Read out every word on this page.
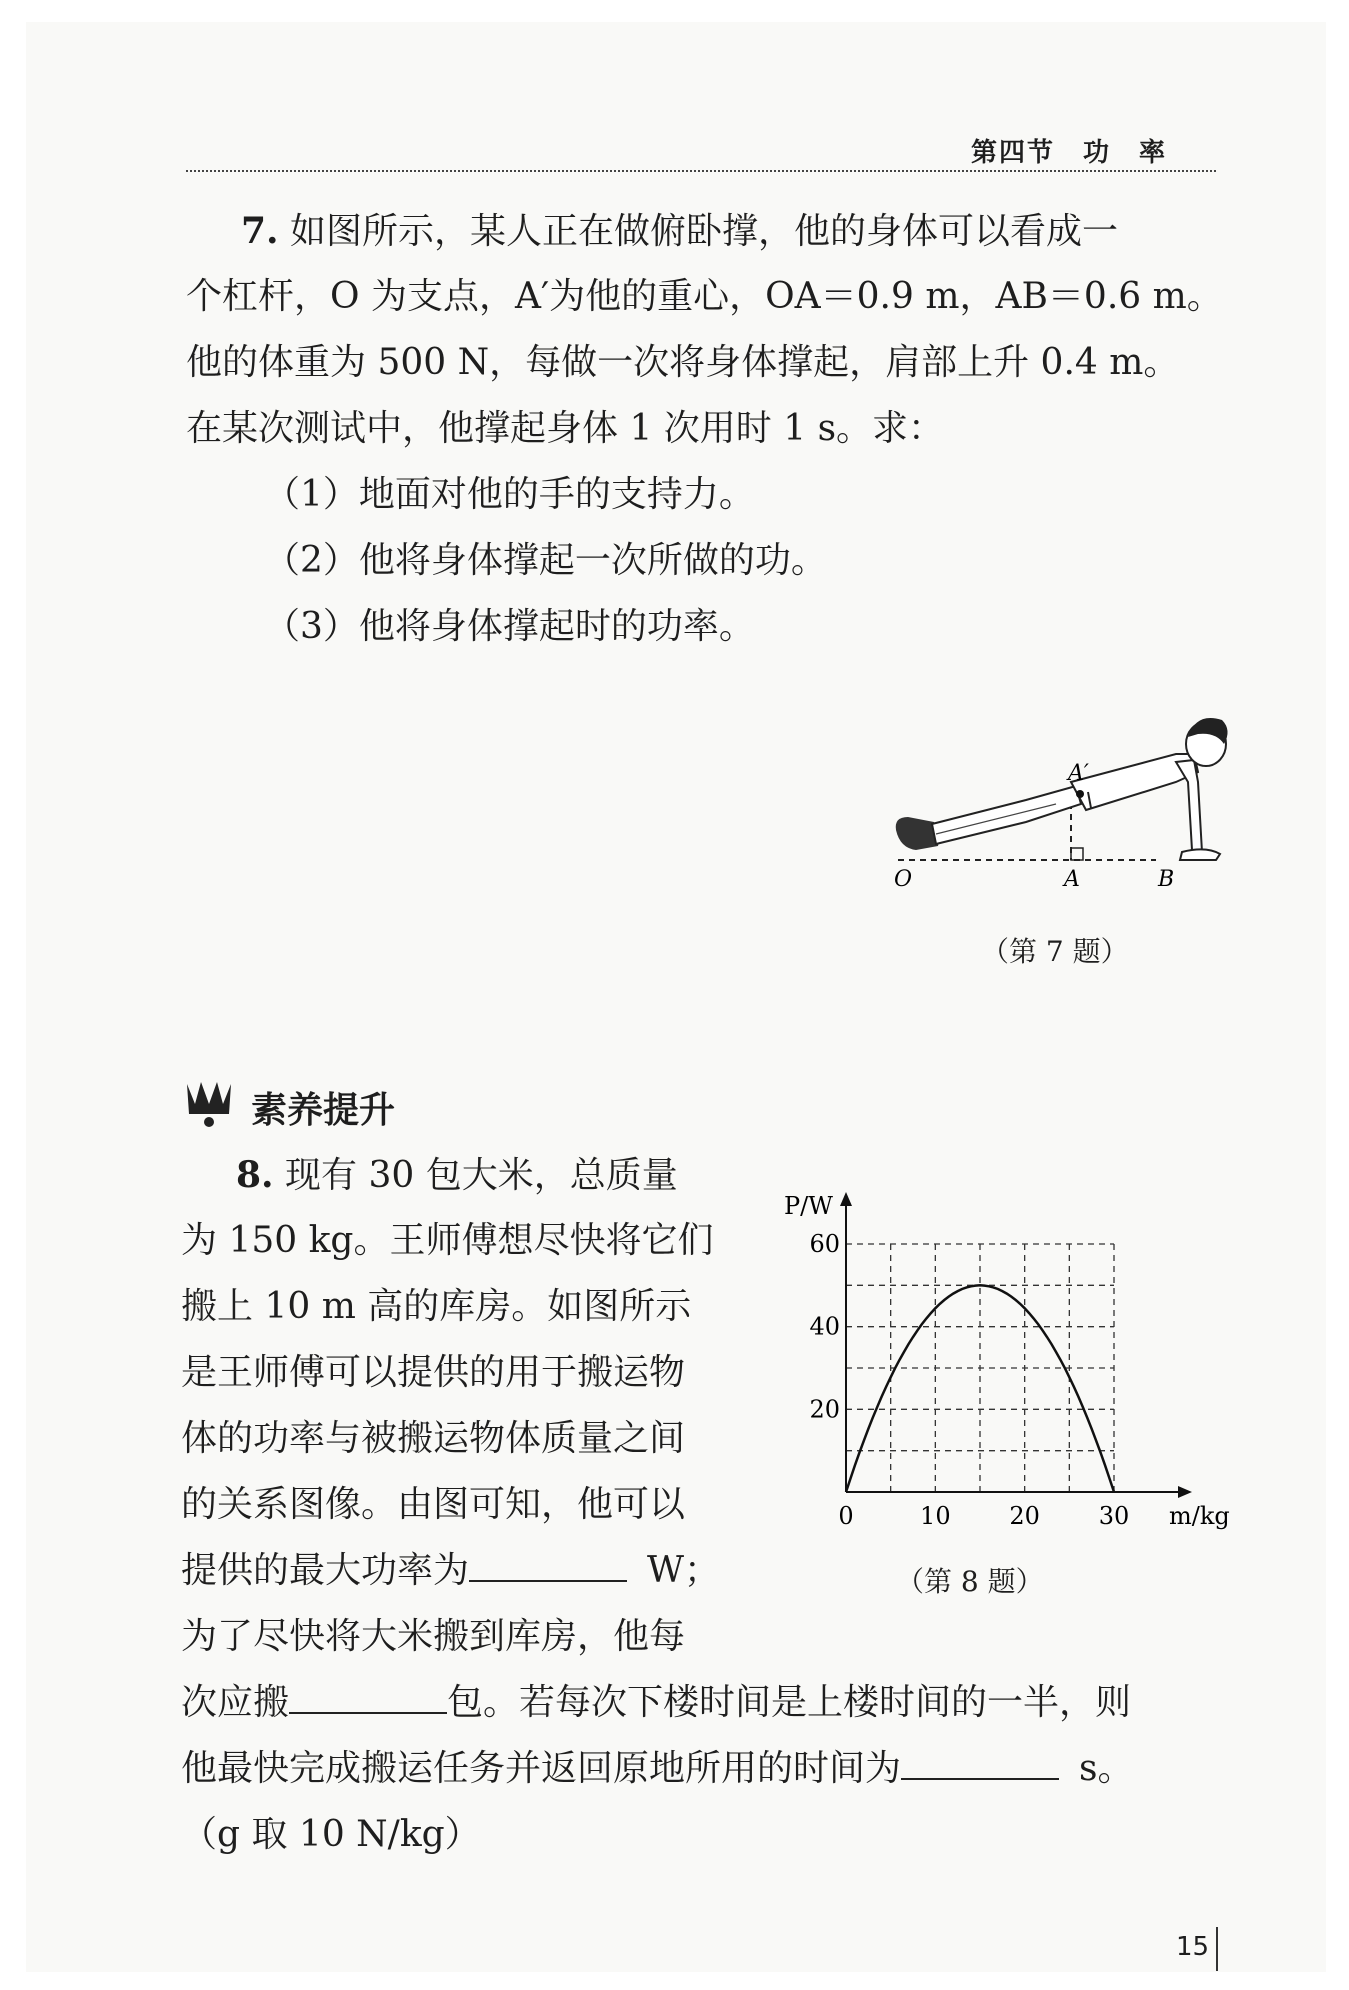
第四节　功　率
7. 如图所示，某人正在做俯卧撑，他的身体可以看成一
个杠杆，O 为支点，A′为他的重心，OA＝0.9 m，AB＝0.6 m。
他的体重为 500 N，每做一次将身体撑起，肩部上升 0.4 m。
在某次测试中，他撑起身体 1 次用时 1 s。求：
（1）地面对他的手的支持力。
（2）他将身体撑起一次所做的功。
（3）他将身体撑起时的功率。
A′
O	A	B
（第 7 题）
素养提升
8. 现有 30 包大米，总质量
为 150 kg。王师傅想尽快将它们
搬上 10 m 高的库房。如图所示
是王师傅可以提供的用于搬运物
体的功率与被搬运物体质量之间
的关系图像。由图可知，他可以
提供的最大功率为	W；
为了尽快将大米搬到库房，他每
次应搬	包。若每次下楼时间是上楼时间的一半，则
他最快完成搬运任务并返回原地所用的时间为	s。
（g 取 10 N/kg）
0	10 20 30
20
40
60
m/kg
P/W
（第 8 题）
15
